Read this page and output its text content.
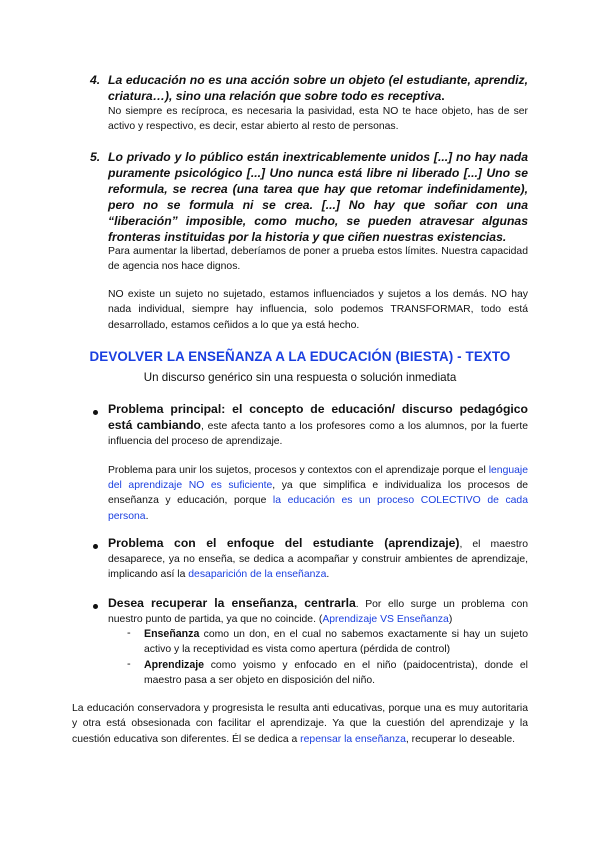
4. La educación no es una acción sobre un objeto (el estudiante, aprendiz, criatura…), sino una relación que sobre todo es receptiva.

No siempre es recíproca, es necesaria la pasividad, esta NO te hace objeto, has de ser activo y respectivo, es decir, estar abierto al resto de personas.

5. Lo privado y lo público están inextricablemente unidos [...] no hay nada puramente psicológico [...] Uno nunca está libre ni liberado [...] Uno se reformula, se recrea (una tarea que hay que retomar indefinidamente), pero no se formula ni se crea. [...] No hay que soñar con una “liberación” imposible, como mucho, se pueden atravesar algunas fronteras instituidas por la historia y que ciñen nuestras existencias.

Para aumentar la libertad, deberíamos de poner a prueba estos límites. Nuestra capacidad de agencia nos hace dignos.

NO existe un sujeto no sujetado, estamos influenciados y sujetos a los demás. NO hay nada individual, siempre hay influencia, solo podemos TRANSFORMAR, todo está desarrollado, estamos ceñidos a lo que ya está hecho.

DEVOLVER LA ENSEÑANZA A LA EDUCACIÓN (BIESTA) - TEXTO

Un discurso genérico sin una respuesta o solución inmediata

Problema principal: el concepto de educación/ discurso pedagógico está cambiando, este afecta tanto a los profesores como a los alumnos, por la fuerte influencia del proceso de aprendizaje.

Problema para unir los sujetos, procesos y contextos con el aprendizaje porque el lenguaje del aprendizaje NO es suficiente, ya que simplifica e individualiza los procesos de enseñanza y educación, porque la educación es un proceso COLECTIVO de cada persona.

Problema con el enfoque del estudiante (aprendizaje), el maestro desaparece, ya no enseña, se dedica a acompañar y construir ambientes de aprendizaje, implicando así la desaparición de la enseñanza.

Desea recuperar la enseñanza, centrarla. Por ello surge un problema con nuestro punto de partida, ya que no coincide. (Aprendizaje VS Enseñanza)

- Enseñanza como un don, en el cual no sabemos exactamente si hay un sujeto activo y la receptividad es vista como apertura (pérdida de control)

- Aprendizaje como yoismo y enfocado en el niño (paidocentrista), donde el maestro pasa a ser objeto en disposición del niño.

La educación conservadora y progresista le resulta anti educativas, porque una es muy autoritaria y otra está obsesionada con facilitar el aprendizaje. Ya que la cuestión del aprendizaje y la cuestión educativa son diferentes. Él se dedica a repensar la enseñanza, recuperar lo deseable.
